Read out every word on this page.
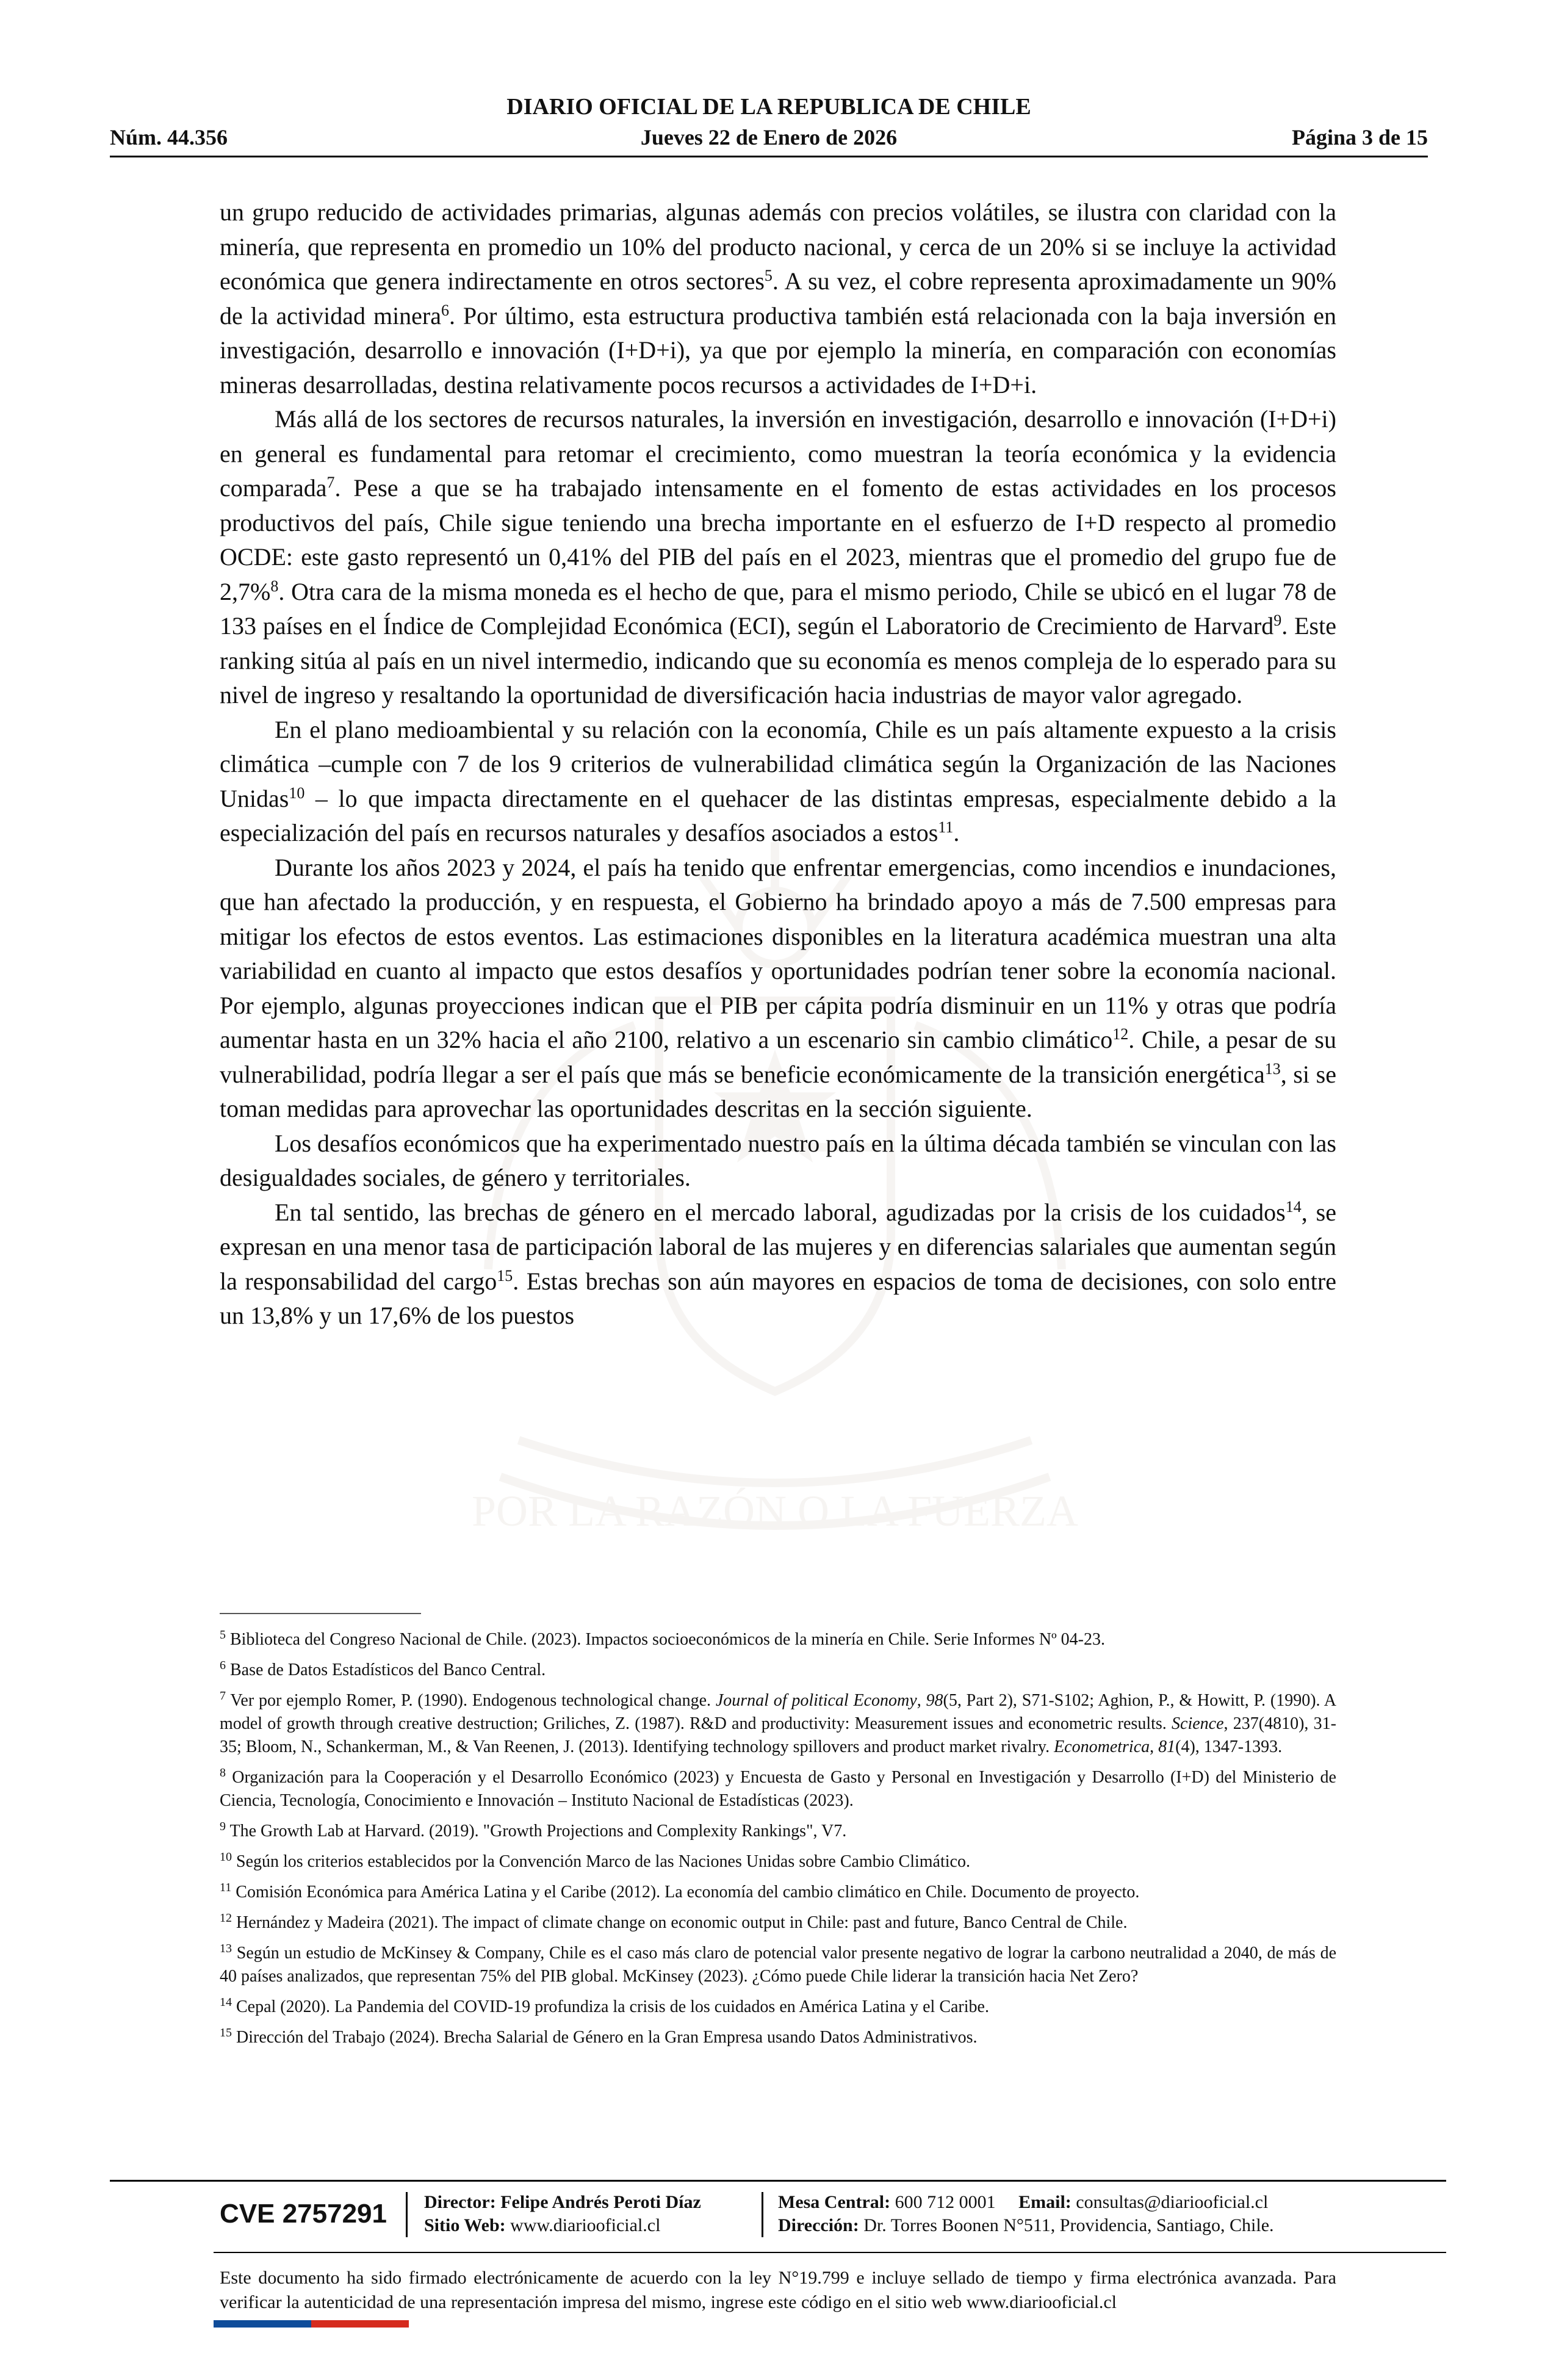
DIARIO OFICIAL DE LA REPUBLICA DE CHILE
Núm. 44.356	Jueves 22 de Enero de 2026	Página 3 de 15
POR LA RAZÓN O LA FUERZA

un grupo reducido de actividades primarias, algunas además con precios volátiles, se ilustra con claridad con la minería, que representa en promedio un 10% del producto nacional, y cerca de un 20% si se incluye la actividad económica que genera indirectamente en otros sectores$^5$. A su vez, el cobre representa aproximadamente un 90% de la actividad minera$^6$. Por último, esta estructura productiva también está relacionada con la baja inversión en investigación, desarrollo e innovación (I+D+i), ya que por ejemplo la minería, en comparación con economías mineras desarrolladas, destina relativamente pocos recursos a actividades de I+D+i.

Más allá de los sectores de recursos naturales, la inversión en investigación, desarrollo e innovación (I+D+i) en general es fundamental para retomar el crecimiento, como muestran la teoría económica y la evidencia comparada$^7$. Pese a que se ha trabajado intensamente en el fomento de estas actividades en los procesos productivos del país, Chile sigue teniendo una brecha importante en el esfuerzo de I+D respecto al promedio OCDE: este gasto representó un 0,41% del PIB del país en el 2023, mientras que el promedio del grupo fue de 2,7%$^8$. Otra cara de la misma moneda es el hecho de que, para el mismo periodo, Chile se ubicó en el lugar 78 de 133 países en el Índice de Complejidad Económica (ECI), según el Laboratorio de Crecimiento de Harvard$^9$. Este ranking sitúa al país en un nivel intermedio, indicando que su economía es menos compleja de lo esperado para su nivel de ingreso y resaltando la oportunidad de diversificación hacia industrias de mayor valor agregado.

En el plano medioambiental y su relación con la economía, Chile es un país altamente expuesto a la crisis climática –cumple con 7 de los 9 criterios de vulnerabilidad climática según la Organización de las Naciones Unidas$^{10}$ – lo que impacta directamente en el quehacer de las distintas empresas, especialmente debido a la especialización del país en recursos naturales y desafíos asociados a estos$^{11}$.

Durante los años 2023 y 2024, el país ha tenido que enfrentar emergencias, como incendios e inundaciones, que han afectado la producción, y en respuesta, el Gobierno ha brindado apoyo a más de 7.500 empresas para mitigar los efectos de estos eventos. Las estimaciones disponibles en la literatura académica muestran una alta variabilidad en cuanto al impacto que estos desafíos y oportunidades podrían tener sobre la economía nacional. Por ejemplo, algunas proyecciones indican que el PIB per cápita podría disminuir en un 11% y otras que podría aumentar hasta en un 32% hacia el año 2100, relativo a un escenario sin cambio climático$^{12}$. Chile, a pesar de su vulnerabilidad, podría llegar a ser el país que más se beneficie económicamente de la transición energética$^{13}$, si se toman medidas para aprovechar las oportunidades descritas en la sección siguiente.

Los desafíos económicos que ha experimentado nuestro país en la última década también se vinculan con las desigualdades sociales, de género y territoriales.

En tal sentido, las brechas de género en el mercado laboral, agudizadas por la crisis de los cuidados$^{14}$, se expresan en una menor tasa de participación laboral de las mujeres y en diferencias salariales que aumentan según la responsabilidad del cargo$^{15}$. Estas brechas son aún mayores en espacios de toma de decisiones, con solo entre un 13,8% y un 17,6% de los puestos

$^5$ Biblioteca del Congreso Nacional de Chile. (2023). Impactos socioeconómicos de la minería en Chile. Serie Informes Nº 04-23.

$^6$ Base de Datos Estadísticos del Banco Central.

$^7$ Ver por ejemplo Romer, P. (1990). Endogenous technological change. Journal of political Economy, 98(5, Part 2), S71-S102; Aghion, P., & Howitt, P. (1990). A model of growth through creative destruction; Griliches, Z. (1987). R&D and productivity: Measurement issues and econometric results. Science, 237(4810), 31-35; Bloom, N., Schankerman, M., & Van Reenen, J. (2013). Identifying technology spillovers and product market rivalry. Econometrica, 81(4), 1347-1393.

$^8$ Organización para la Cooperación y el Desarrollo Económico (2023) y Encuesta de Gasto y Personal en Investigación y Desarrollo (I+D) del Ministerio de Ciencia, Tecnología, Conocimiento e Innovación – Instituto Nacional de Estadísticas (2023).

$^9$ The Growth Lab at Harvard. (2019). "Growth Projections and Complexity Rankings", V7.

$^{10}$ Según los criterios establecidos por la Convención Marco de las Naciones Unidas sobre Cambio Climático.

$^{11}$ Comisión Económica para América Latina y el Caribe (2012). La economía del cambio climático en Chile. Documento de proyecto.

$^{12}$ Hernández y Madeira (2021). The impact of climate change on economic output in Chile: past and future, Banco Central de Chile.

$^{13}$ Según un estudio de McKinsey & Company, Chile es el caso más claro de potencial valor presente negativo de lograr la carbono neutralidad a 2040, de más de 40 países analizados, que representan 75% del PIB global. McKinsey (2023). ¿Cómo puede Chile liderar la transición hacia Net Zero?

$^{14}$ Cepal (2020). La Pandemia del COVID-19 profundiza la crisis de los cuidados en América Latina y el Caribe.

$^{15}$ Dirección del Trabajo (2024). Brecha Salarial de Género en la Gran Empresa usando Datos Administrativos.

CVE 2757291	Director: Felipe Andrés Peroti Díaz
Sitio Web: www.diariooficial.cl
Mesa Central: 600 712 0001 Email: consultas@diariooficial.cl
Dirección: Dr. Torres Boonen N°511, Providencia, Santiago, Chile.
Este documento ha sido firmado electrónicamente de acuerdo con la ley N°19.799 e incluye sellado de tiempo y firma electrónica avanzada. Para verificar la autenticidad de una representación impresa del mismo, ingrese este código en el sitio web www.diariooficial.cl
